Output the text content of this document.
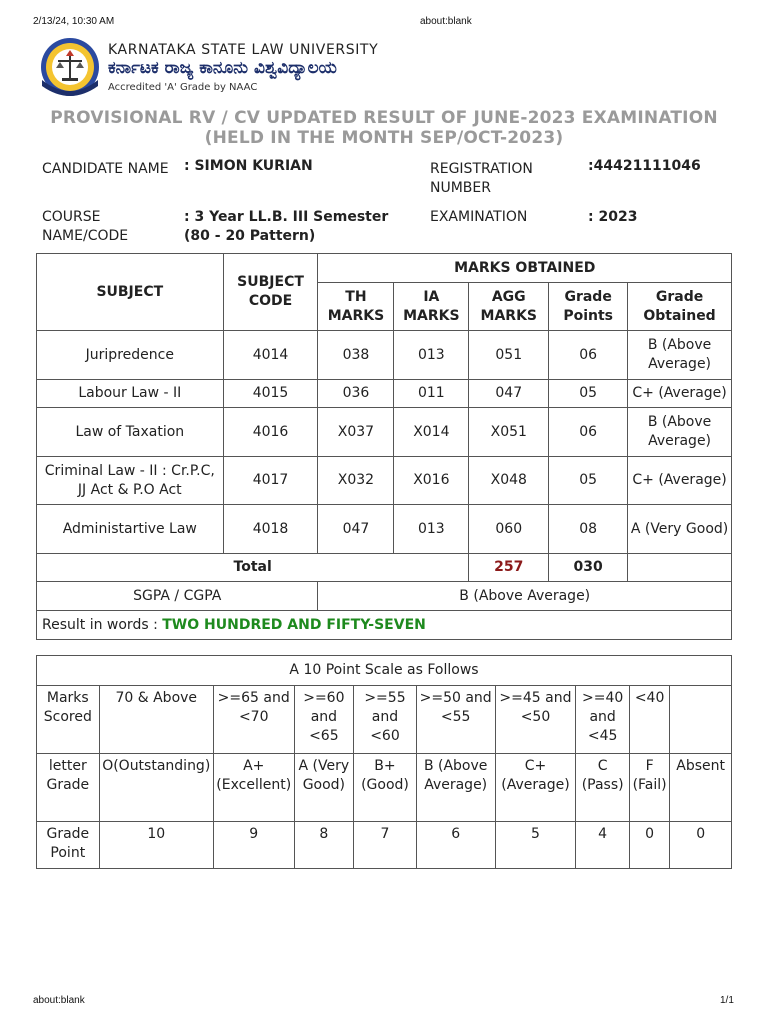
2/13/24, 10:30 AM	about:blank
KARNATAKA STATE LAW UNIVERSITY
ಕರ್ನಾಟಕ ರಾಜ್ಯ ಕಾನೂನು ವಿಶ್ವವಿದ್ಯಾಲಯ
Accredited 'A' Grade by NAAC
PROVISIONAL RV / CV UPDATED RESULT OF JUNE-2023 EXAMINATION
(HELD IN THE MONTH SEP/OCT-2023)
CANDIDATE NAME : SIMON KURIAN	REGISTRATION NUMBER
:44421111046
COURSE NAME/CODE
: 3 Year LL.B. III Semester (80 - 20 Pattern)
EXAMINATION	: 2023
SUBJECT	SUBJECT CODE	MARKS OBTAINED				
		TH MARKS	IA MARKS	AGG MARKS	Grade Points	Grade Obtained
Juripredence	4014	038	013	051	06	B (Above Average)
Labour Law - II	4015	036	011	047	05	C+ (Average)
Law of Taxation	4016	X037	X014	X051	06	B (Above Average)
Criminal Law - II : Cr.P.C, JJ Act & P.O Act	4017	X032	X016	X048	05	C+ (Average)
Administartive Law	4018	047	013	060	08	A (Very Good)
Total				257	030	
SGPA / CGPA		B (Above Average)				
Result in words : TWO HUNDRED AND FIFTY-SEVEN						
A 10 Point Scale as Follows									
Marks Scored	70 & Above	>=65 and <70	>=60 and <65	>=55 and <60	>=50 and <55	>=45 and <50	>=40 and <45	<40	
letter Grade	O(Outstanding)	A+ (Excellent)	A (Very Good)	B+ (Good)	B (Above Average)	C+ (Average)	C (Pass)	F (Fail)	Absent
Grade Point	10	9	8	7	6	5	4	0	0
about:blank	1/1
